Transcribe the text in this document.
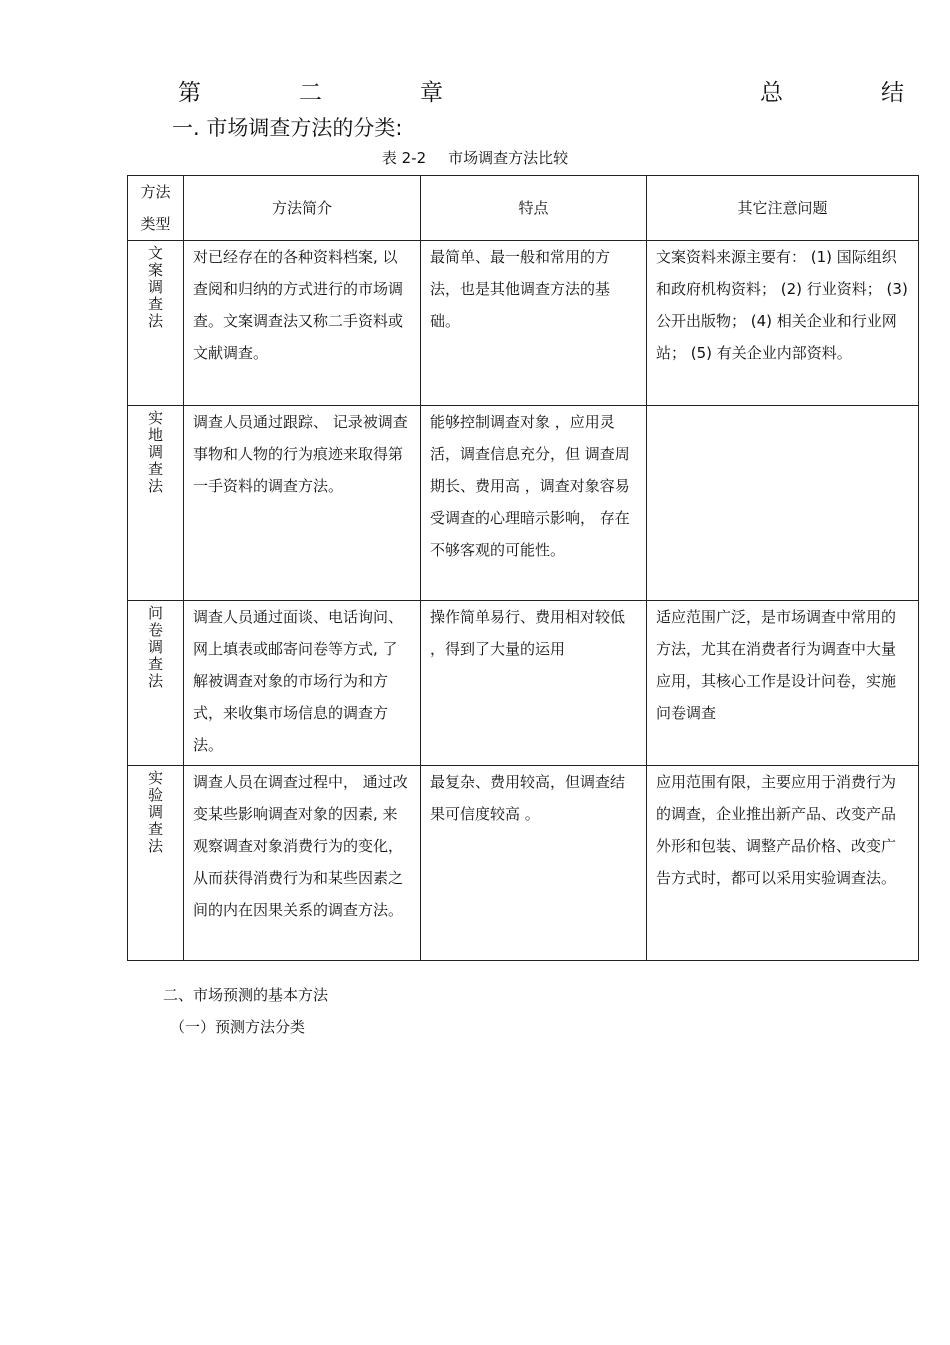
第	二	章	总	结
一. 市场调查方法的分类:
表 2-2 市场调查方法比较
方法类型	方法简介	特点	其它注意问题
文案调查法	对已经存在的各种资料档案, 以查阅和归纳的方式进行的市场调查。文案调查法又称二手资料或文献调查。	最简单、最一般和常用的方法，也是其他调查方法的基础。	文案资料来源主要有： (1) 国际组织和政府机构资料； (2) 行业资料； (3) 公开出版物； (4) 相关企业和行业网站； (5) 有关企业内部资料。
实地调查法	调查人员通过跟踪、 记录被调查事物和人物的行为痕迹来取得第一手资料的调查方法。	能够控制调查对象 ，应用灵活，调查信息充分，但 调查周期长、费用高 ，调查对象容易受调查的心理暗示影响， 存在不够客观的可能性。	
问卷调查法	调查人员通过面谈、电话询问、网上填表或邮寄问卷等方式, 了解被调查对象的市场行为和方式，来收集市场信息的调查方法。	操作简单易行、费用相对较低 ，得到了大量的运用	适应范围广泛，是市场调查中常用的方法，尤其在消费者行为调查中大量应用，其核心工作是设计问卷，实施问卷调查
实验调查法	调查人员在调查过程中， 通过改变某些影响调查对象的因素, 来观察调查对象消费行为的变化，从而获得消费行为和某些因素之间的内在因果关系的调查方法。	最复杂、费用较高，但调查结果可信度较高 。	应用范围有限，主要应用于消费行为的调查，企业推出新产品、改变产品外形和包装、调整产品价格、改变广告方式时，都可以采用实验调查法。
二、市场预测的基本方法
（一）预测方法分类
